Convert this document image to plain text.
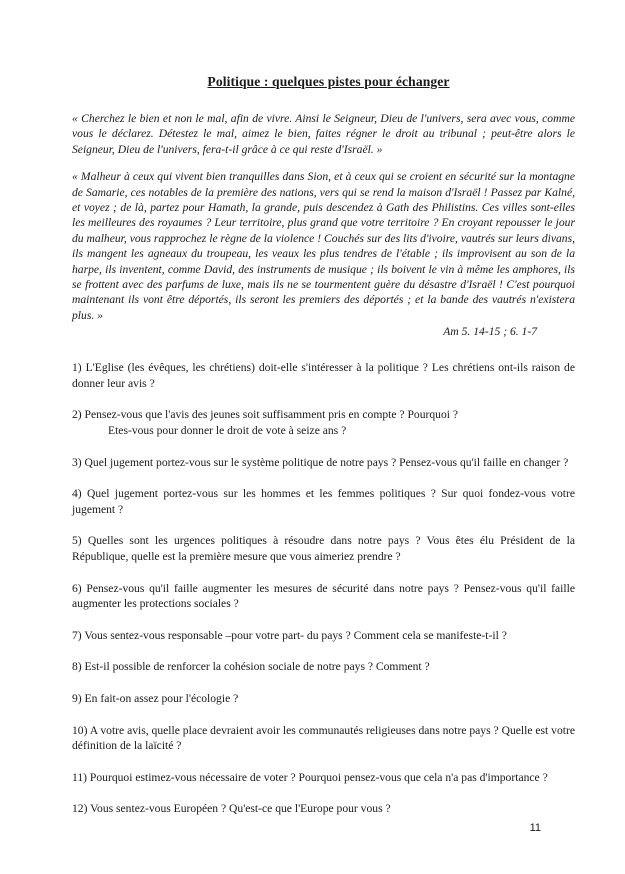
Politique : quelques pistes pour échanger

« Cherchez le bien et non le mal, afin de vivre. Ainsi le Seigneur, Dieu de l'univers, sera avec vous, comme vous le déclarez. Détestez le mal, aimez le bien, faites régner le droit au tribunal ; peut-être alors le Seigneur, Dieu de l'univers, fera-t-il grâce à ce qui reste d'Israël. »

« Malheur à ceux qui vivent bien tranquilles dans Sion, et à ceux qui se croient en sécurité sur la montagne de Samarie, ces notables de la première des nations, vers qui se rend la maison d'Israël ! Passez par Kalné, et voyez ; de là, partez pour Hamath, la grande, puis descendez à Gath des Philistins. Ces villes sont-elles les meilleures des royaumes ? Leur territoire, plus grand que votre territoire ? En croyant repousser le jour du malheur, vous rapprochez le règne de la violence ! Couchés sur des lits d'ivoire, vautrés sur leurs divans, ils mangent les agneaux du troupeau, les veaux les plus tendres de l'étable ; ils improvisent au son de la harpe, ils inventent, comme David, des instruments de musique ; ils boivent le vin à même les amphores, ils se frottent avec des parfums de luxe, mais ils ne se tourmentent guère du désastre d'Israël ! C'est pourquoi maintenant ils vont être déportés, ils seront les premiers des déportés ; et la bande des vautrés n'existera plus. »

Am 5. 14-15 ; 6. 1-7

1) L'Eglise (les évêques, les chrétiens) doit-elle s'intéresser à la politique ? Les chrétiens ont-ils raison de donner leur avis ?

2) Pensez-vous que l'avis des jeunes soit suffisamment pris en compte ? Pourquoi ?
Etes-vous pour donner le droit de vote à seize ans ?

3) Quel jugement portez-vous sur le système politique de notre pays ? Pensez-vous qu'il faille en changer ?

4) Quel jugement portez-vous sur les hommes et les femmes politiques ? Sur quoi fondez-vous votre jugement ?

5) Quelles sont les urgences politiques à résoudre dans notre pays ? Vous êtes élu Président de la République, quelle est la première mesure que vous aimeriez prendre ?

6) Pensez-vous qu'il faille augmenter les mesures de sécurité dans notre pays ? Pensez-vous qu'il faille augmenter les protections sociales ?

7) Vous sentez-vous responsable –pour votre part- du pays ? Comment cela se manifeste-t-il ?

8) Est-il possible de renforcer la cohésion sociale de notre pays ? Comment ?

9) En fait-on assez pour l'écologie ?

10) A votre avis, quelle place devraient avoir les communautés religieuses dans notre pays ? Quelle est votre définition de la laïcité ?

11) Pourquoi estimez-vous nécessaire de voter ? Pourquoi pensez-vous que cela n'a pas d'importance ?

12) Vous sentez-vous Européen ? Qu'est-ce que l'Europe pour vous ?

11
